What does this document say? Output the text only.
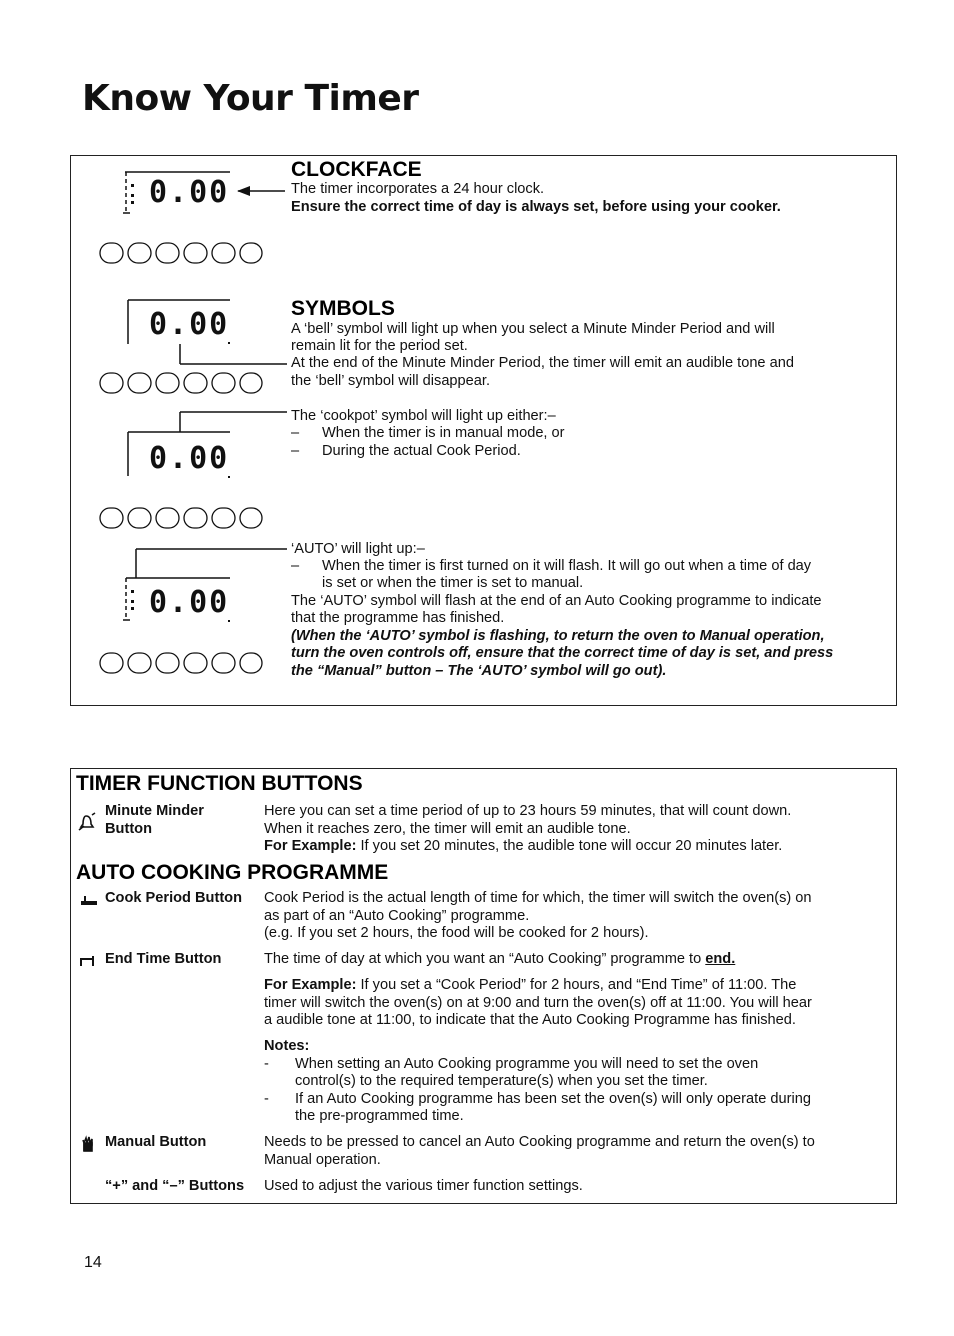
Know Your Timer
0.00
0.00
0.00
0.00
CLOCKFACE
The timer incorporates a 24 hour clock.
Ensure the correct time of day is always set, before using your cooker.
SYMBOLS
A ‘bell’ symbol will light up when you select a Minute Minder Period and will
remain lit for the period set.
At the end of the Minute Minder Period, the timer will emit an audible tone and
the ‘bell’ symbol will disappear.
The ‘cookpot’ symbol will light up either:–
– When the timer is in manual mode, or
– During the actual Cook Period.
‘AUTO’ will light up:–
– When the timer is first turned on it will flash. It will go out when a time of day
is set or when the timer is set to manual.
The ‘AUTO’ symbol will flash at the end of an Auto Cooking programme to indicate
that the programme has finished.
(When the ‘AUTO’ symbol is flashing, to return the oven to Manual operation,
turn the oven controls off, ensure that the correct time of day is set, and press
the “Manual” button – The ‘AUTO’ symbol will go out).
TIMER FUNCTION BUTTONS
Minute Minder
Button
Here you can set a time period of up to 23 hours 59 minutes, that will count down.
When it reaches zero, the timer will emit an audible tone.
For Example: If you set 20 minutes, the audible tone will occur 20 minutes later.
AUTO COOKING PROGRAMME
Cook Period Button Cook Period is the actual length of time for which, the timer will switch the oven(s) on
as part of an “Auto Cooking” programme.
(e.g. If you set 2 hours, the food will be cooked for 2 hours).
End Time Button	The time of day at which you want an “Auto Cooking” programme to end.
For Example: If you set a “Cook Period” for 2 hours, and “End Time” of 11:00. The
timer will switch the oven(s) on at 9:00 and turn the oven(s) off at 11:00. You will hear
a audible tone at 11:00, to indicate that the Auto Cooking Programme has finished.
Notes:
- When setting an Auto Cooking programme you will need to set the oven
control(s) to the required temperature(s) when you set the timer.
- If an Auto Cooking programme has been set the oven(s) will only operate during
the pre-programmed time.
Manual Button	Needs to be pressed to cancel an Auto Cooking programme and return the oven(s) to
Manual operation.
“+” and “–” Buttons Used to adjust the various timer function settings.
14
